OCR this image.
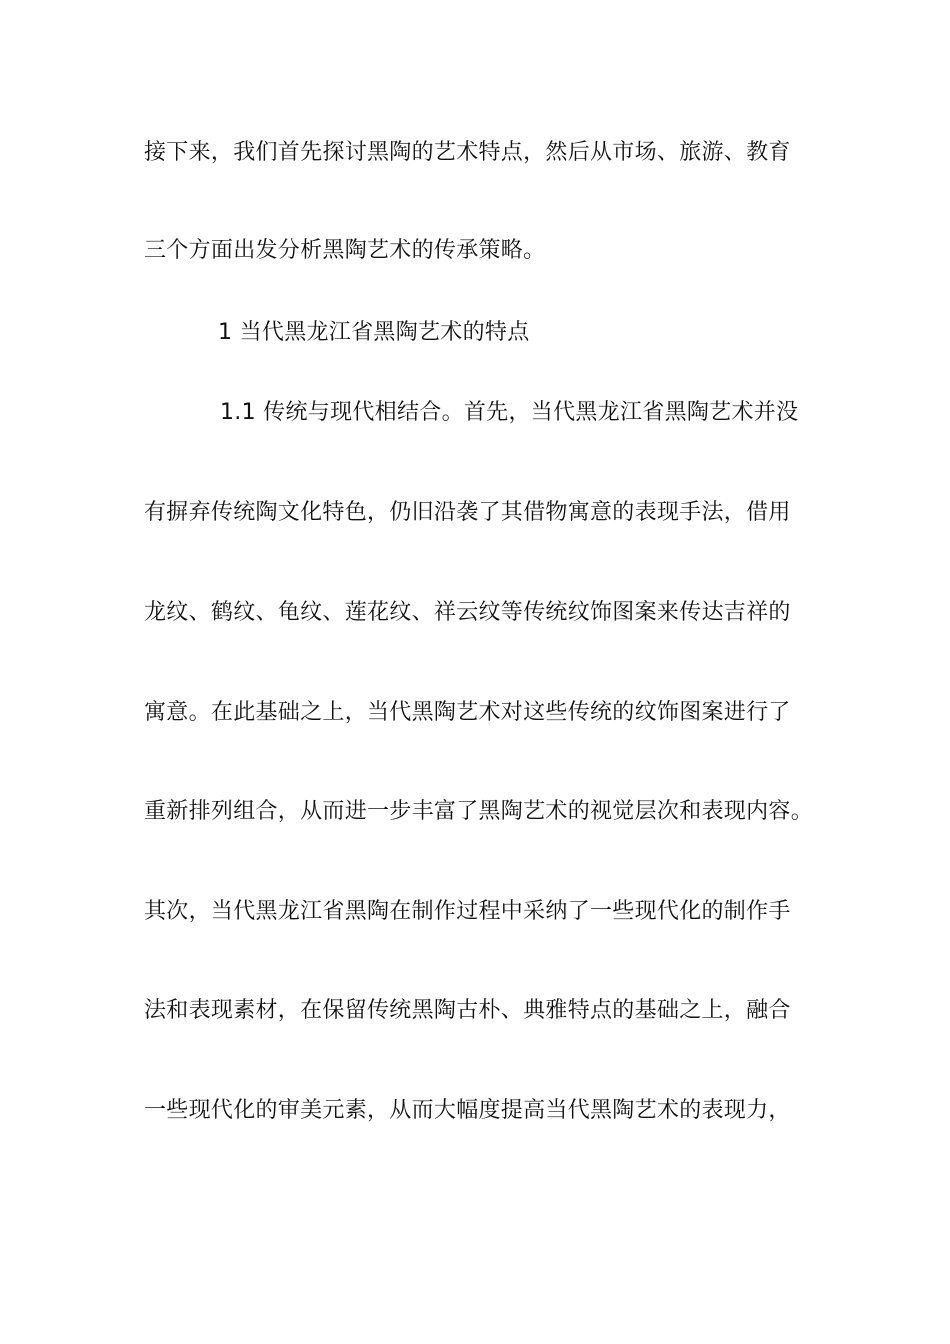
接下来，我们首先探讨黑陶的艺术特点，然后从市场、旅游、教育
三个方面出发分析黑陶艺术的传承策略。
1 当代黑龙江省黑陶艺术的特点
1.1 传统与现代相结合。首先，当代黑龙江省黑陶艺术并没
有摒弃传统陶文化特色，仍旧沿袭了其借物寓意的表现手法，借用
龙纹、鹤纹、龟纹、莲花纹、祥云纹等传统纹饰图案来传达吉祥的
寓意。在此基础之上，当代黑陶艺术对这些传统的纹饰图案进行了
重新排列组合，从而进一步丰富了黑陶艺术的视觉层次和表现内容。
其次，当代黑龙江省黑陶在制作过程中采纳了一些现代化的制作手
法和表现素材，在保留传统黑陶古朴、典雅特点的基础之上，融合
一些现代化的审美元素，从而大幅度提高当代黑陶艺术的表现力，
